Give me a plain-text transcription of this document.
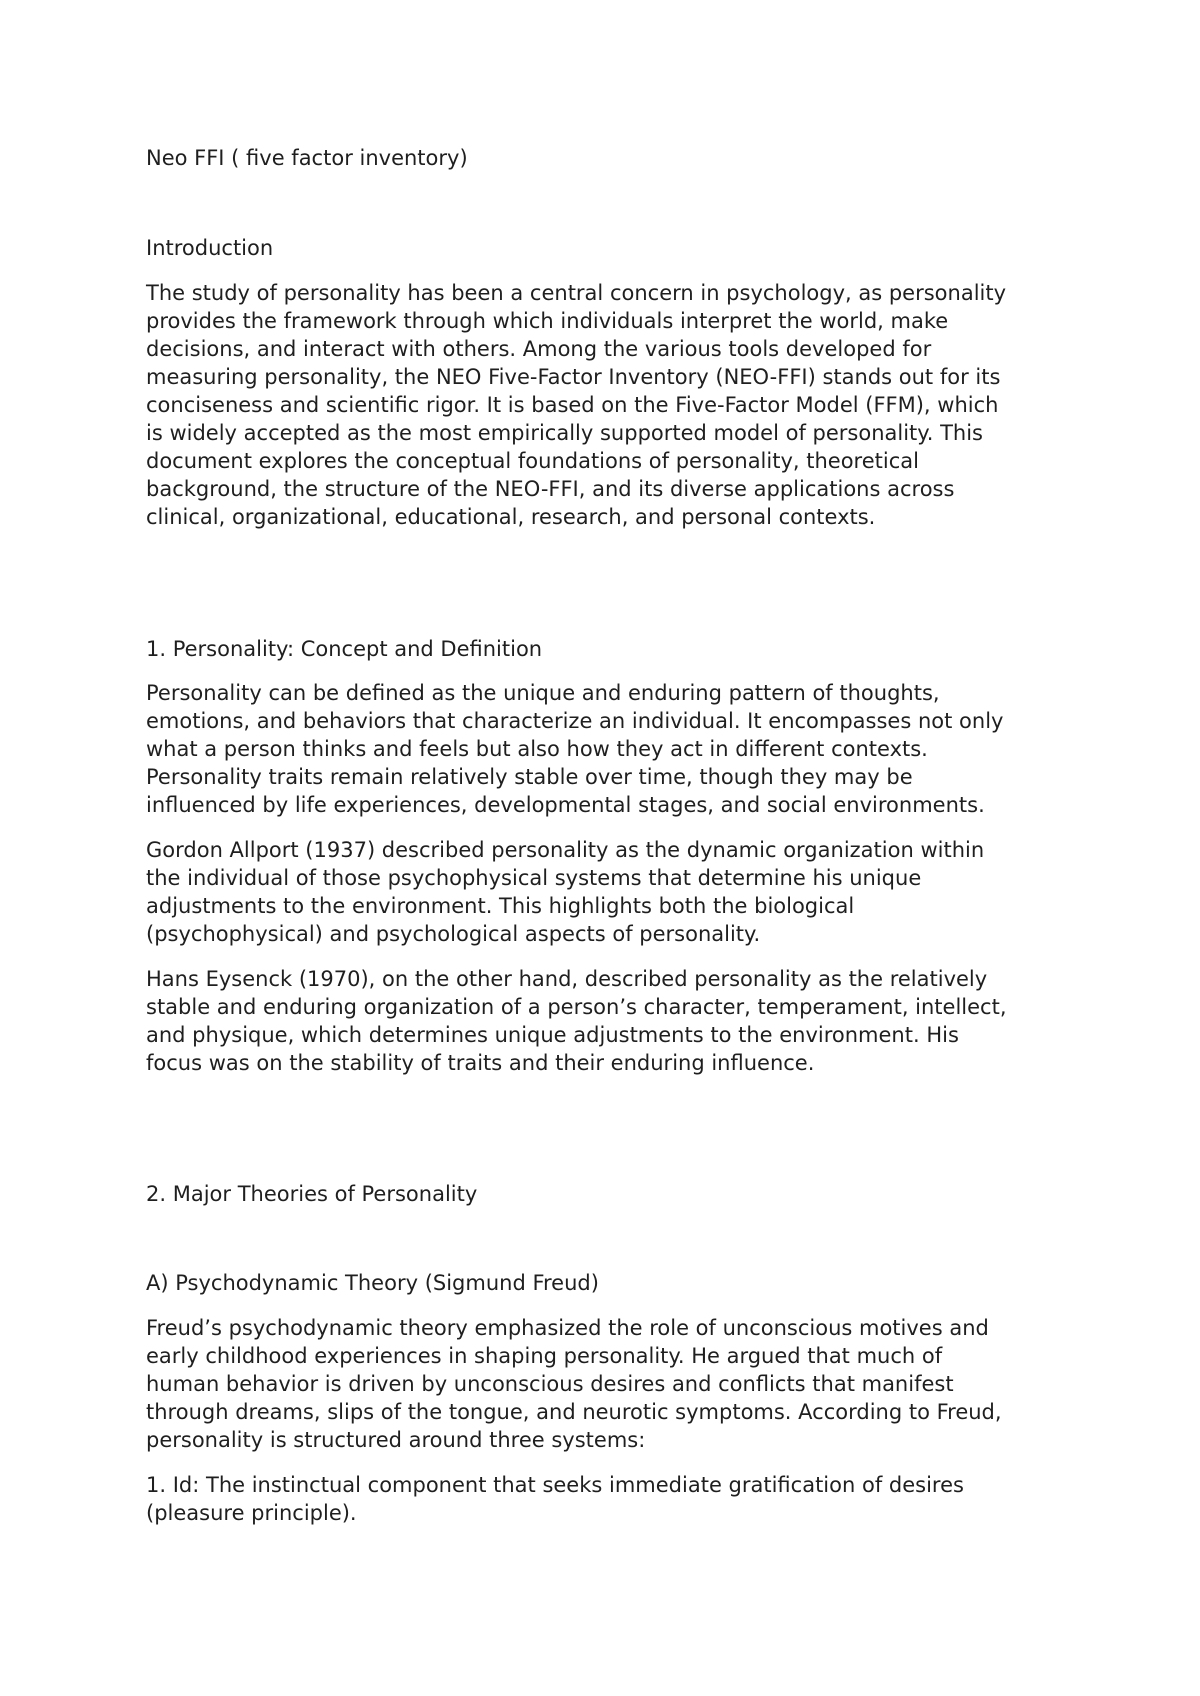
Neo FFI ( five factor inventory)

Introduction

The study of personality has been a central concern in psychology, as personality
provides the framework through which individuals interpret the world, make
decisions, and interact with others. Among the various tools developed for
measuring personality, the NEO Five-Factor Inventory (NEO-FFI) stands out for its
conciseness and scientific rigor. It is based on the Five-Factor Model (FFM), which
is widely accepted as the most empirically supported model of personality. This
document explores the conceptual foundations of personality, theoretical
background, the structure of the NEO-FFI, and its diverse applications across
clinical, organizational, educational, research, and personal contexts.

1. Personality: Concept and Definition

Personality can be defined as the unique and enduring pattern of thoughts,
emotions, and behaviors that characterize an individual. It encompasses not only
what a person thinks and feels but also how they act in different contexts.
Personality traits remain relatively stable over time, though they may be
influenced by life experiences, developmental stages, and social environments.

Gordon Allport (1937) described personality as the dynamic organization within
the individual of those psychophysical systems that determine his unique
adjustments to the environment. This highlights both the biological
(psychophysical) and psychological aspects of personality.

Hans Eysenck (1970), on the other hand, described personality as the relatively
stable and enduring organization of a person’s character, temperament, intellect,
and physique, which determines unique adjustments to the environment. His
focus was on the stability of traits and their enduring influence.

2. Major Theories of Personality

A) Psychodynamic Theory (Sigmund Freud)

Freud’s psychodynamic theory emphasized the role of unconscious motives and
early childhood experiences in shaping personality. He argued that much of
human behavior is driven by unconscious desires and conflicts that manifest
through dreams, slips of the tongue, and neurotic symptoms. According to Freud,
personality is structured around three systems:

1. Id: The instinctual component that seeks immediate gratification of desires
(pleasure principle).
